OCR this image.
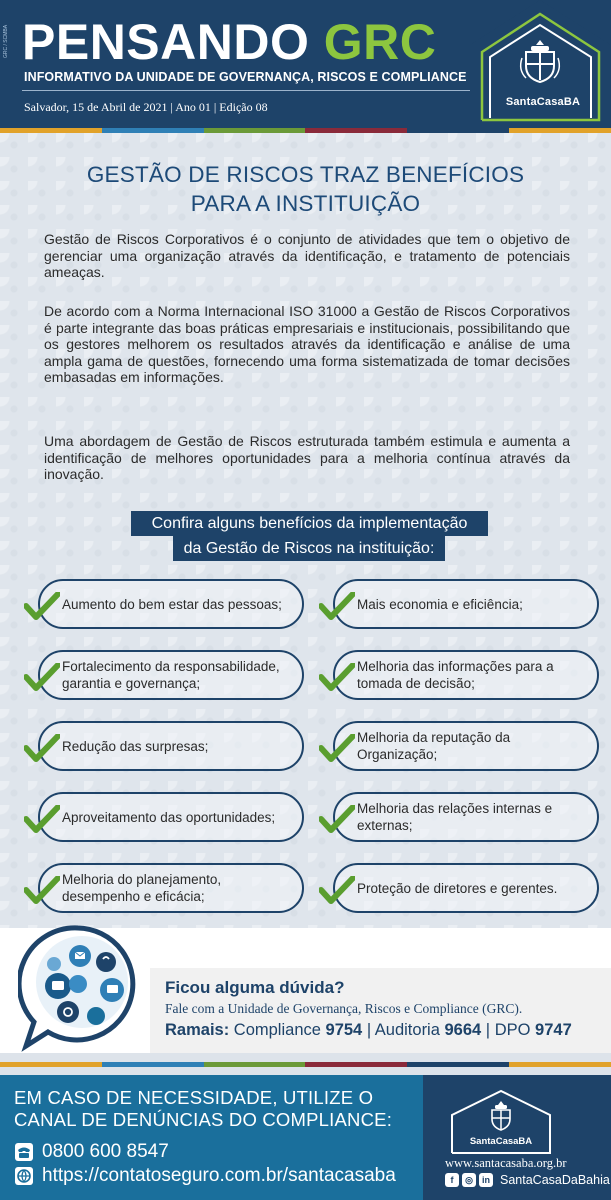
GRC / SCMBA PENSANDO GRC
INFORMATIVO DA UNIDADE DE GOVERNANÇA, RISCOS E COMPLIANCE
Salvador, 15 de Abril de 2021 | Ano 01 | Edição 08	SantaCasaBA
GESTÃO DE RISCOS TRAZ BENEFÍCIOS
PARA A INSTITUIÇÃO

Gestão de Riscos Corporativos é o conjunto de atividades que tem o objetivo de gerenciar uma organização através da identificação, e tratamento de potenciais ameaças.

De acordo com a Norma Internacional ISO 31000 a Gestão de Riscos Corporativos é parte integrante das boas práticas empresariais e institucionais, possibilitando que os gestores melhorem os resultados através da identificação e análise de uma ampla gama de questões, fornecendo uma forma sistematizada de tomar decisões embasadas em informações.

Uma abordagem de Gestão de Riscos estruturada também estimula e aumenta a identificação de melhores oportunidades para a melhoria contínua através da inovação.

Confira alguns benefícios da implementação
da Gestão de Riscos na instituição:
Aumento do bem estar das pessoas;
Fortalecimento da responsabilidade, garantia e governança;
Redução das surpresas;
Aproveitamento das oportunidades;
Melhoria do planejamento, desempenho e eficácia;
Mais economia e eficiência;
Melhoria das informações para a tomada de decisão;
Melhoria da reputação da Organização;
Melhoria das relações internas e externas;
Proteção de diretores e gerentes.
Ficou alguma dúvida?
Fale com a Unidade de Governança, Riscos e Compliance (GRC).
Ramais: Compliance 9754 | Auditoria 9664 | DPO 9747
EM CASO DE NECESSIDADE, UTILIZE O CANAL DE DENÚNCIAS DO COMPLIANCE:
0800 600 8547
https://contatoseguro.com.br/santacasaba
SantaCasaBA
www.santacasaba.org.br
f	◎	in SantaCasaDaBahia
